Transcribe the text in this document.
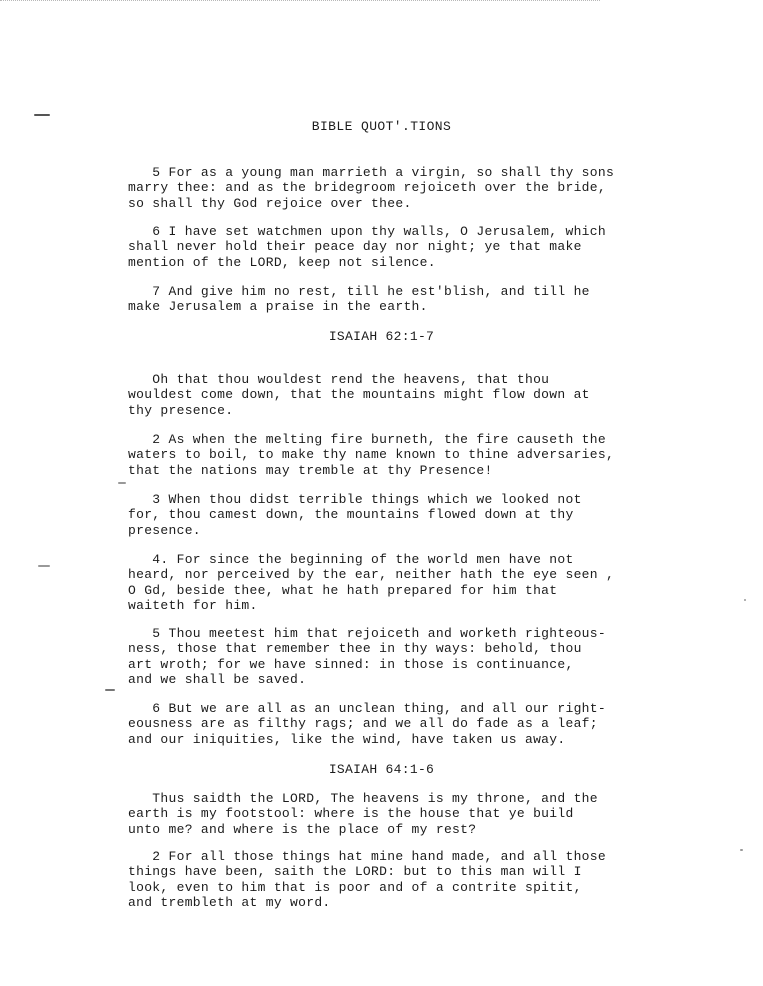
BIBLE QUOT'.TIONS
5 For as a young man marrieth a virgin, so shall thy sons
marry thee: and as the bridegroom rejoiceth over the bride,
so shall thy God rejoice over thee.
6 I have set watchmen upon thy walls, O Jerusalem, which
shall never hold their peace day nor night; ye that make
mention of the LORD, keep not silence.
7 And give him no rest, till he est'blish, and till he
make Jerusalem a praise in the earth.
ISAIAH 62:1-7
Oh that thou wouldest rend the heavens, that thou
wouldest come down, that the mountains might flow down at
thy presence.
2 As when the melting fire burneth, the fire causeth the
waters to boil, to make thy name known to thine adversaries,
that the nations may tremble at thy Presence!
3 When thou didst terrible things which we looked not
for, thou camest down, the mountains flowed down at thy
presence.
4. For since the beginning of the world men have not
heard, nor perceived by the ear, neither hath the eye seen ,
O Gd, beside thee, what he hath prepared for him that
waiteth for him.
5 Thou meetest him that rejoiceth and worketh righteous-
ness, those that remember thee in thy ways: behold, thou
art wroth; for we have sinned: in those is continuance,
and we shall be saved.
6 But we are all as an unclean thing, and all our right-
eousness are as filthy rags; and we all do fade as a leaf;
and our iniquities, like the wind, have taken us away.
ISAIAH 64:1-6
Thus saidth the LORD, The heavens is my throne, and the
earth is my footstool: where is the house that ye build
unto me? and where is the place of my rest?
2 For all those things hat mine hand made, and all those
things have been, saith the LORD: but to this man will I
look, even to him that is poor and of a contrite spitit,
and trembleth at my word.
